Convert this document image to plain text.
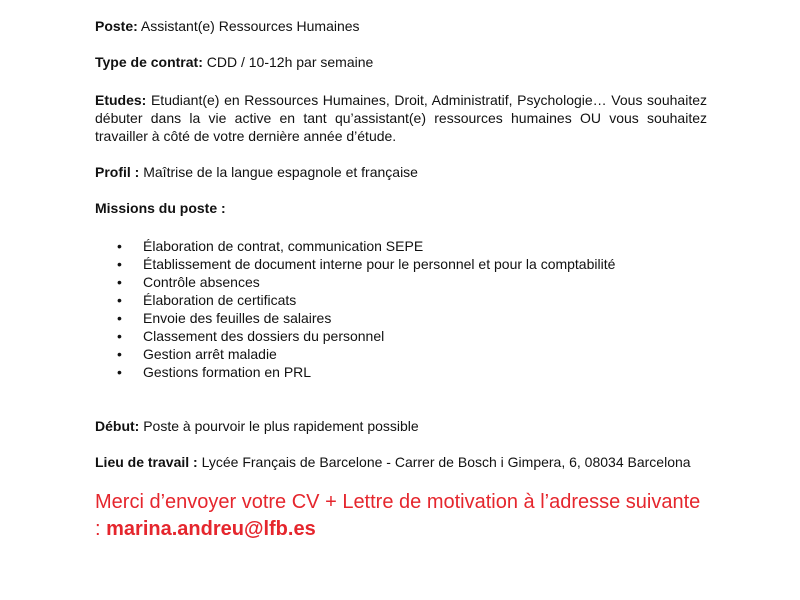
Poste: Assistant(e) Ressources Humaines

Type de contrat: CDD / 10-12h par semaine

Etudes: Etudiant(e) en Ressources Humaines, Droit, Administratif, Psychologie… Vous souhaitez débuter dans la vie active en tant qu’assistant(e) ressources humaines OU vous souhaitez travailler à côté de votre dernière année d’étude.

Profil : Maîtrise de la langue espagnole et française

Missions du poste :

• Élaboration de contrat, communication SEPE
• Établissement de document interne pour le personnel et pour la comptabilité
• Contrôle absences
• Élaboration de certificats
• Envoie des feuilles de salaires
• Classement des dossiers du personnel
• Gestion arrêt maladie
• Gestions formation en PRL

Début: Poste à pourvoir le plus rapidement possible

Lieu de travail : Lycée Français de Barcelone - Carrer de Bosch i Gimpera, 6, 08034 Barcelona

Merci d’envoyer votre CV + Lettre de motivation à l’adresse suivante : marina.andreu@lfb.es
